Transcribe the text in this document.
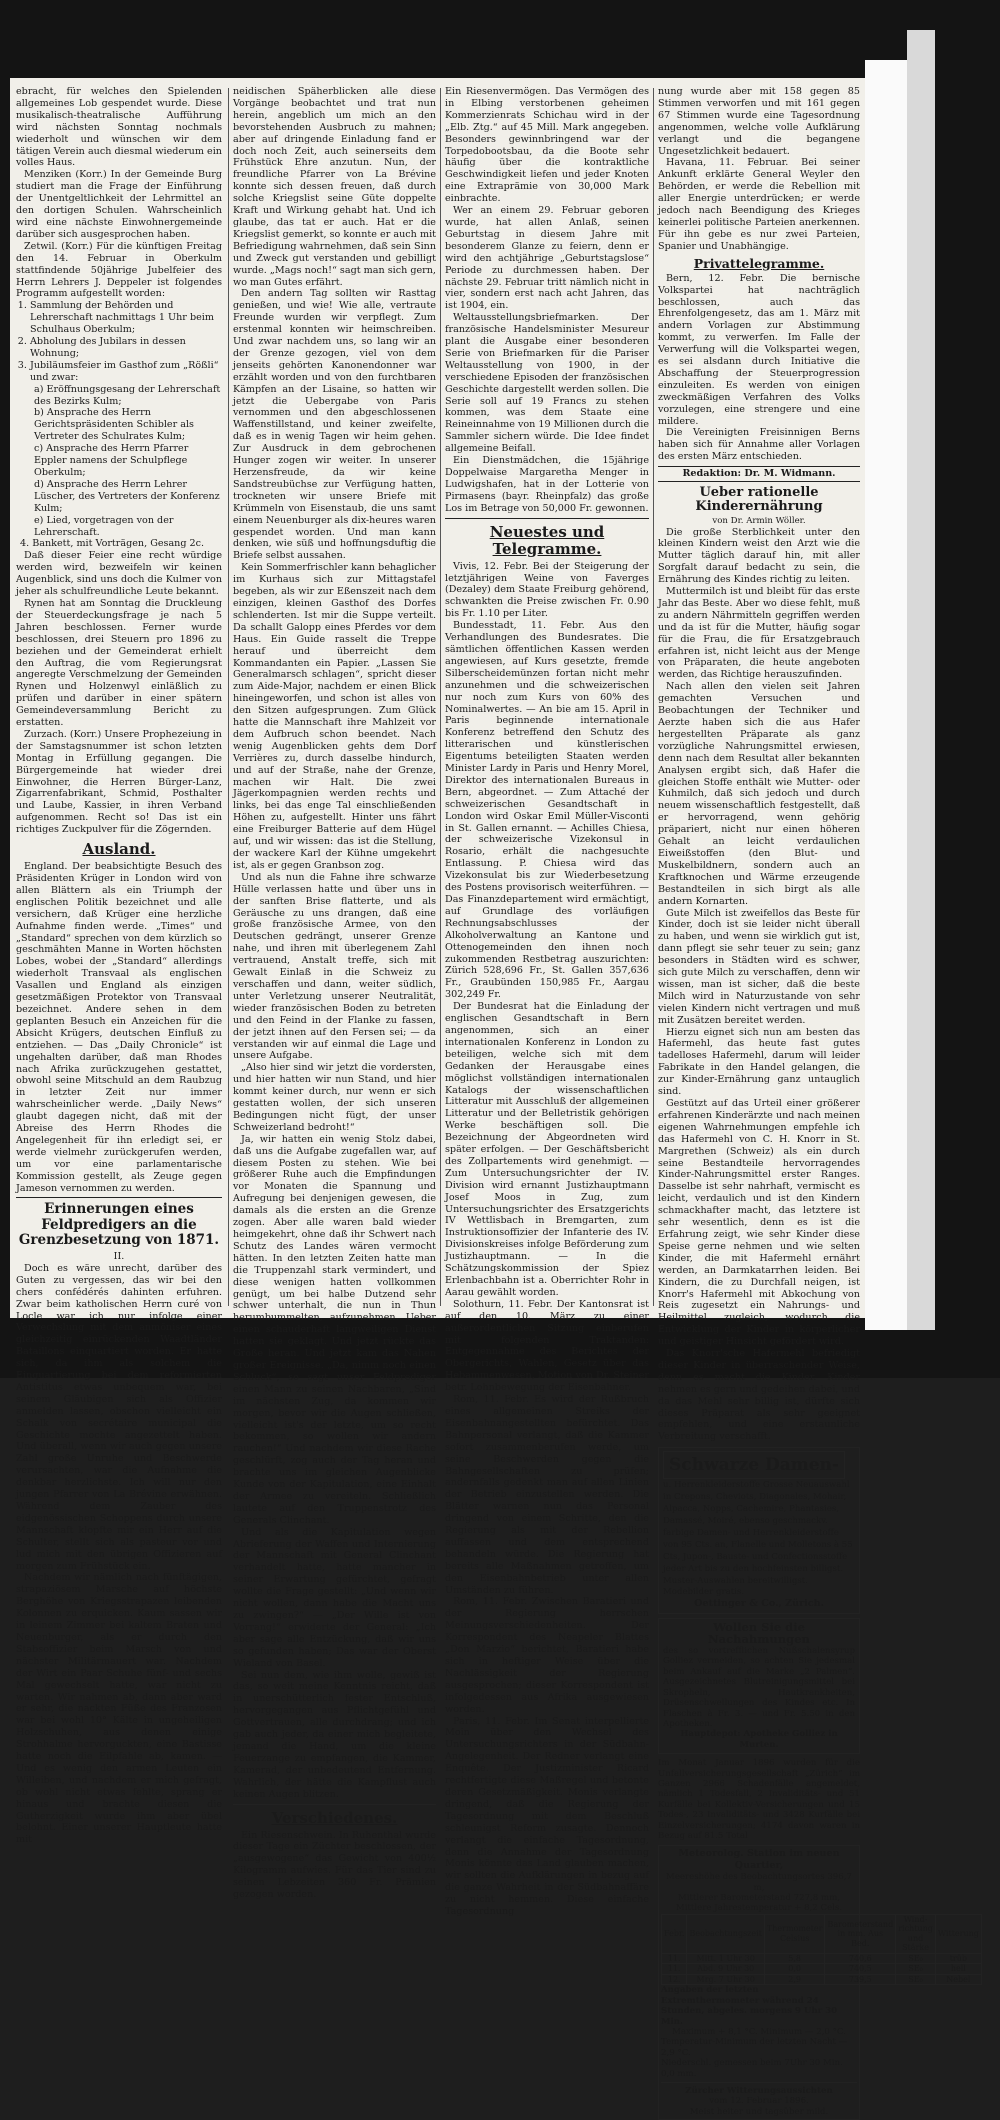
ebracht, für welches den Spielenden allgemeines Lob gespendet wurde. Diese musikalisch-theatralische Aufführung wird nächsten Sonntag nochmals wiederholt und wünschen wir dem tätigen Verein auch diesmal wiederum ein volles Haus.

Menziken (Korr.) In der Gemeinde Burg studiert man die Frage der Einführung der Unentgeltlichkeit der Lehrmittel an den dortigen Schulen. Wahrscheinlich wird eine nächste Einwohnergemeinde darüber sich ausgesprochen haben.

Zetwil. (Korr.) Für die künftigen Freitag den 14. Februar in Oberkulm stattfindende 50jährige Jubelfeier des Herrn Lehrers J. Deppeler ist folgendes Programm aufgestellt worden:

1. Sammlung der Behörden und Lehrerschaft nachmittags 1 Uhr beim Schulhaus Oberkulm;
2. Abholung des Jubilars in dessen Wohnung;
3. Jubiläumsfeier im Gasthof zum „Rößli“ und zwar:
a) Eröffnungsgesang der Lehrerschaft des Bezirks Kulm;
b) Ansprache des Herrn Gerichtspräsidenten Schibler als Vertreter des Schulrates Kulm;
c) Ansprache des Herrn Pfarrer Eppler namens der Schulpflege Oberkulm;
d) Ansprache des Herrn Lehrer Lüscher, des Vertreters der Konferenz Kulm;
e) Lied, vorgetragen von der Lehrerschaft.
4. Bankett, mit Vorträgen, Gesang 2c.

Daß dieser Feier eine recht würdige werden wird, bezweifeln wir keinen Augenblick, sind uns doch die Kulmer von jeher als schulfreundliche Leute bekannt.

Rynen hat am Sonntag die Druckleung der Steuerdeckungsfrage je nach 5 Jahren beschlossen. Ferner wurde beschlossen, drei Steuern pro 1896 zu beziehen und der Gemeinderat erhielt den Auftrag, die vom Regierungsrat angeregte Verschmelzung der Gemeinden Rynen und Holzenwyl einläßlich zu prüfen und darüber in einer spätern Gemeindeversammlung Bericht zu erstatten.

Zurzach. (Korr.) Unsere Prophezeiung in der Samstagsnummer ist schon letzten Montag in Erfüllung gegangen. Die Bürgergemeinde hat wieder drei Einwohner, die Herren Bürger-Lanz, Zigarrenfabrikant, Schmid, Posthalter und Laube, Kassier, in ihren Verband aufgenommen. Recht so! Das ist ein richtiges Zuckpulver für die Zögernden.

Ausland.

England. Der beabsichtigte Besuch des Präsidenten Krüger in London wird von allen Blättern als ein Triumph der englischen Politik bezeichnet und alle versichern, daß Krüger eine herzliche Aufnahme finden werde. „Times“ und „Standard“ sprechen von dem kürzlich so geschmähten Manne in Worten höchsten Lobes, wobei der „Standard“ allerdings wiederholt Transvaal als englischen Vasallen und England als einzigen gesetzmäßigen Protektor von Transvaal bezeichnet. Andere sehen in dem geplanten Besuch ein Anzeichen für die Absicht Krügers, deutschen Einfluß zu entziehen. — Das „Daily Chronicle“ ist ungehalten darüber, daß man Rhodes nach Afrika zurückzugehen gestattet, obwohl seine Mitschuld an dem Raubzug in letzter Zeit nur immer wahrscheinlicher werde. „Daily News“ glaubt dagegen nicht, daß mit der Abreise des Herrn Rhodes die Angelegenheit für ihn erledigt sei, er werde vielmehr zurückgerufen werden, um vor eine parlamentarische Kommission gestellt, als Zeuge gegen Jameson vernommen zu werden.

Erinnerungen eines Feldpredigers an die Grenzbesetzung von 1871.
II.

Doch es wäre unrecht, darüber des Guten zu vergessen, das wir bei den chers confédérés dahinten erfuhren. Zwar beim katholischen Herrn curé von Locle war ich nur infolge einer Verwechslung mit dem anmöniser eines gleichzeitig einrückenden Waadtländer Bataillons einquartiert worden. Er hatte sich, da ihm als solchem die Einquartierung bei dem reformierten Antistitus etwas unbequem war, bei seinem Gläubigen sich als Offizier anmelden lassen, obschon vielleicht ein Schalk von secrétaire municipal die Geschichte mochte angezettelt haben. Und überall, wenn wir auch gegen unsere Zahl große Unruhe und Beschwerde verursachten, war die Aufnahme die denkbar herzlichste. Ich will nur den jungen Pfarrer von La Brévine erwähnen. Während dem Zauber des eidgenössischen Schoppens durch unsere Mannschaft klopfte mir ein Herr auf die Schulter, stellt sich als pasteur vor und lud mich mit den übrigen Offizieren auf morgen zum Frühstück ein.

Nachdem wir nämlich nach fünftägigen, strapaziösem Marsche auf höchste Berghöhe von Kriegsstrapazen leibenden Kolonnen zu erquicken. Kaum sassen wir in leinem Zimmer bei kaltem Braten und Neuenburger, als er durch den Stabsoffizier beim Marsch von und nächster Militärmauert war. Nachdem der Wirt ein Paar Schuhe fünf- und sechs Mal gewechselt hatte, war nicht zu warten. Wir nahmen ab, dann aber ward er sehr, die nackten Füße des Franzosen war bei wohl 10° Kälte in ungeheiligen Holzschuhen, aus denen einige Strohhalme hervorguckten, eine Bastisse hatte noch die Eilpfahle ab, kamen. — Und es wenig den armen Leuten ein Willeiben, und nachdem er mich gefragt, ob wohl nicht etwas fehlte, sprang er hinaus und brachte diesen die Gutherzigkeit wurde ihm aber übel belohnt. Einer unserer Hauptleute hatte mit

neidischen Späherblicken alle diese Vorgänge beobachtet und trat nun herein, angeblich um mich an den bevorstehenden Ausbruch zu mahnen; aber auf dringende Einladung fand er doch noch Zeit, auch seinerseits dem Frühstück Ehre anzutun. Nun, der freundliche Pfarrer von La Brévine konnte sich dessen freuen, daß durch solche Kriegslist seine Güte doppelte Kraft und Wirkung gehabt hat. Und ich glaube, das tat er auch. Hat er die Kriegslist gemerkt, so konnte er auch mit Befriedigung wahrnehmen, daß sein Sinn und Zweck gut verstanden und gebilligt wurde. „Mags noch!“ sagt man sich gern, wo man Gutes erfährt.

Den andern Tag sollten wir Rasttag genießen, und wie! Wie alle, vertraute Freunde wurden wir verpflegt. Zum erstenmal konnten wir heimschreiben. Und zwar nachdem uns, so lang wir an der Grenze gezogen, viel von dem jenseits gehörten Kanonendonner war erzählt worden und von den furchtbaren Kämpfen an der Lisaine, so hatten wir jetzt die Uebergabe von Paris vernommen und den abgeschlossenen Waffenstillstand, und keiner zweifelte, daß es in wenig Tagen wir heim gehen. Zur Ausdruck in dem gebrochenen Hunger zogen wir weiter. In unserer Herzensfreude, da wir keine Sandstreubüchse zur Verfügung hatten, trockneten wir unsere Briefe mit Krümmeln von Eisenstaub, die uns samt einem Neuenburger als dix-heures waren gespendet worden. Und man kann denken, wie süß und hoffnungsduftig die Briefe selbst aussahen.

Kein Sommerfrischler kann behaglicher im Kurhaus sich zur Mittagstafel begeben, als wir zur Eßenszeit nach dem einzigen, kleinen Gasthof des Dorfes schlenderten. Ist mir die Suppe verteilt. Da schallt Galopp eines Pferdes vor dem Haus. Ein Guide rasselt die Treppe herauf und überreicht dem Kommandanten ein Papier. „Lassen Sie Generalmarsch schlagen“, spricht dieser zum Aide-Major, nachdem er einen Blick hineingeworfen, und schon ist alles von den Sitzen aufgesprungen. Zum Glück hatte die Mannschaft ihre Mahlzeit vor dem Aufbruch schon beendet. Nach wenig Augenblicken gehts dem Dorf Verrières zu, durch dasselbe hindurch, und auf der Straße, nahe der Grenze, machen wir Halt. Die zwei Jägerkompagnien werden rechts und links, bei das enge Tal einschließenden Höhen zu, aufgestellt. Hinter uns fährt eine Freiburger Batterie auf dem Hügel auf, und wir wissen: das ist die Stellung, der wackere Karl der Kühne umgekehrt ist, als er gegen Granbson zog.

Und als nun die Fahne ihre schwarze Hülle verlassen hatte und über uns in der sanften Brise flatterte, und als Geräusche zu uns drangen, daß eine große französische Armee, von den Deutschen gedrängt, unserer Grenze nahe, und ihren mit überlegenem Zahl vertrauend, Anstalt treffe, sich mit Gewalt Einlaß in die Schweiz zu verschaffen und dann, weiter südlich, unter Verletzung unserer Neutralität, wieder französischen Boden zu betreten und den Feind in der Flanke zu fassen, der jetzt ihnen auf den Fersen sei; — da verstanden wir auf einmal die Lage und unsere Aufgabe.

„Also hier sind wir jetzt die vordersten, und hier hatten wir nun Stand, und hier kommt keiner durch, nur wenn er sich gestatten wollen, der sich unseren Bedingungen nicht fügt, der unser Schweizerland bedroht!“

Ja, wir hatten ein wenig Stolz dabei, daß uns die Aufgabe zugefallen war, auf diesem Posten zu stehen. Wie bei größerer Ruhe auch die Empfindungen vor Monaten die Spannung und Aufregung bei denjenigen gewesen, die damals als die ersten an die Grenze zogen. Aber alle waren bald wieder heimgekehrt, ohne daß ihr Schwert nach Schutz des Landes wären vermocht hätten. In den letzten Zeiten hatte man die Truppenzahl stark vermindert, und diese wenigen hatten vollkommen genügt, um bei halbe Dutzend sehr schwer unterhalt, die nun in Thun herumbummelten, aufzunehmen. Ueber einen schauderhaft langweiligen Dienst hatten sie geklagt. Und jetzt rückte das Große heran. Und jetzt kam das Nahen großer Ereignisse. „Da, nimm noch einen Schluck“, so sagt unser Feldprediger einen Mann zu seinen Nachbaren, „Sind im nächsten Zug, da kommen wir morgen, bevor wir die Augen schließen, vielleicht ist's der letzte, um so recht bekommen, so wollen wir andern rauchen!“ Und nachdem wir diese Rache geschlürft, zog auch der Tag heran und brachte uns im gleichen Augenblicke Kunde von der Kapitulation, eine Einhalt der Armee zu vereiteln. Schließlich lautete auf den Truppenstrotz des Generals Clinchant.

Und als die Kapitulation wegen Abrieferung der Waffen und Internierung der Mannschaft mit General Clinchant verhandelt hatte, hatte mancher in seiner Erwartung gefürchtet, gefragt wollte die Frage gestellt: „Und wenn wir nicht wollen, dann habe die Macht uns zu zwingen?“ — „Der Wille ist von Vorrang!“ erwiderte der General: „Ich aber sage alle Entzückung, daß wir uns so gefunden haben; Das war der Oberst Wieland von Basel.

Sei nun dem, wie ihm wolle, gewiß ist das, so weit meine Kenntnis reicht, daß in unerschütterlich fester Entschluß, hervorgegangen aus Pflichtgefühl und Gottvertrauen, alle durchdrang; und ich gab auch jeder, da einer mich begleitete, jemand die Hand, um die kleine Feuerzange zu empfangen, die Kammer, Kamerad, der unbedeutend Entfernung. Wahrlich, der hätte die Kampflust auch keinen Augen blitzen.

Verschiedenes.

Ein Riesenschwein. In Ruhenthal wurde dieser Tage ein Züchter beschlossen, der „ausgewogene“ das Gewicht von 400½ Kilogramm aufwies. Für das Tier sind zu seinen Lebzeiten 360 Fr. Prämien gezogen worden.

Ein Riesenvermögen. Das Vermögen des in Elbing verstorbenen geheimen Kommerzienrats Schichau wird in der „Elb. Ztg.“ auf 45 Mill. Mark angegeben. Besonders gewinnbringend war der Torpedobootsbau, da die Boote sehr häufig über die kontraktliche Geschwindigkeit liefen und jeder Knoten eine Extraprämie von 30,000 Mark einbrachte.

Wer an einem 29. Februar geboren wurde, hat allen Anlaß, seinen Geburtstag in diesem Jahre mit besonderem Glanze zu feiern, denn er wird den achtjährige „Geburtstagslose“ Periode zu durchmessen haben. Der nächste 29. Februar tritt nämlich nicht in vier, sondern erst nach acht Jahren, das ist 1904, ein.

Weltausstellungsbriefmarken. Der französische Handelsminister Mesureur plant die Ausgabe einer besonderen Serie von Briefmarken für die Pariser Weltausstellung von 1900, in der verschiedene Episoden der französischen Geschichte dargestellt werden sollen. Die Serie soll auf 19 Francs zu stehen kommen, was dem Staate eine Reineinnahme von 19 Millionen durch die Sammler sichern würde. Die Idee findet allgemeine Beifall.

Ein Dienstmädchen, die 15jährige Doppelwaise Margaretha Menger in Ludwigshafen, hat in der Lotterie von Pirmasens (bayr. Rheinpfalz) das große Los im Betrage von 50,000 Fr. gewonnen.

Neuestes und Telegramme.

Vivis, 12. Febr. Bei der Steigerung der letztjährigen Weine von Faverges (Dezaley) dem Staate Freiburg gehörend, schwankten die Preise zwischen Fr. 0.90 bis Fr. 1.10 per Liter.

Bundesstadt, 11. Febr. Aus den Verhandlungen des Bundesrates. Die sämtlichen öffentlichen Kassen werden angewiesen, auf Kurs gesetzte, fremde Silberscheidemünzen fortan nicht mehr anzunehmen und die schweizerischen nur noch zum Kurs von 60% des Nominalwertes. — An bie am 15. April in Paris beginnende internationale Konferenz betreffend den Schutz des litterarischen und künstlerischen Eigentums beteiligten Staaten werden Minister Lardy in Paris und Henry Morel, Direktor des internationalen Bureaus in Bern, abgeordnet. — Zum Attaché der schweizerischen Gesandtschaft in London wird Oskar Emil Müller-Visconti in St. Gallen ernannt. — Achilles Chiesa, der schweizerische Vizekonsul in Rosario, erhält die nachgesuchte Entlassung. P. Chiesa wird das Vizekonsulat bis zur Wiederbesetzung des Postens provisorisch weiterführen. — Das Finanzdepartement wird ermächtigt, auf Grundlage des vorläufigen Rechnungsabschlusses der Alkoholverwaltung an Kantone und Ottenogemeinden den ihnen noch zukommenden Restbetrag auszurichten: Zürich 528,696 Fr., St. Gallen 357,636 Fr., Graubünden 150,985 Fr., Aargau 302,249 Fr.

Der Bundesrat hat die Einladung der englischen Gesandtschaft in Bern angenommen, sich an einer internationalen Konferenz in London zu beteiligen, welche sich mit dem Gedanken der Herausgabe eines möglichst vollständigen internationalen Katalogs der wissenschaftlichen Litteratur mit Ausschluß der allgemeinen Litteratur und der Belletristik gehörigen Werke beschäftigen soll. Die Bezeichnung der Abgeordneten wird später erfolgen. — Der Geschäftsbericht des Zollpartements wird genehmigt. — Zum Untersuchungsrichter der IV. Division wird ernannt Justizhauptmann Josef Moos in Zug, zum Untersuchungsrichter des Ersatzgerichts IV Wettlisbach in Bremgarten, zum Instruktionsoffizier der Infanterie des IV. Divisionskreises infolge Beförderung zum Justizhauptmann. — In die Schätzungskommission der Spiez Erlenbachbahn ist a. Oberrichter Rohr in Aarau gewählt worden.

Solothurn, 11. Febr. Der Kantonsrat ist auf den 10. März zu einer außerordentlichen Sitzung einberufen mit folgenden Traktanden: Entgegennahme des Berichtes der Obergerichts, Wahlen, Gesetz über das Hebammenwesen, Motion von Dr. Steiner betr. Lohnbewegung der Eisenbahner.

Rom, 11. Febr. Es wird der Rußbruch eines allgemeinen Streiks der Eisenbahnangestellten befürchtet. Das Bahnpersonal verlangt, daß die Kammer sofort zusammenberufen werde, um seine Beschwerden gegen die Bahngesellschaften zu prüfen; andernfalls gedenkt man auf allen Linien der Betrieb einzustellen werden. Die Blätter warnen nun das Personal dringend von einem Schritte, den die Regierung als mit der Rebellion auffassen und dem entsprechend behandeln würde. Die Regierung hat bereits alle Maßnahmen getroffen, um den Eisenbahnbetrieb unter allen Umständen zu führen.

Rom, 11. Febr. Zwischen Baratieri und der Regierung herrschen Meinungsverschiedenheiten. Der Korrespondent des Neapeler Blattes „Don Marzio“ berichtet, Baratieri habe sich in heftiger Weise über die Nachlässigkeit der Regierung ausgesprochen; dieser Korrespondent ist infolgedessen aus Afrika ausgewiesen worden.

Paris, 11. Febr. Im Senat interpellierte Moin über den Wechsel des Untersuchungsrichters in der Südbahn-Angelegenheit. Der Redner verlangt eine Enquête. Der Justizminister Ricard rechtfertigte diese Maßregel und betonte deren Gesetzmäßigkeit. Monis verlangte dringend, daß die Regierung der Tagesordnung mit dem Beschluß schleunigst Reform zusagte. Dennoch verlangt die einfache Tagesordnung, denn die Annahme der Tagesordnung Monis könnte das Land glauben machen, wir sollten die Aufklärungen in bezug auf die ganze Wahrheit in der Südbahnaffäre zu nicht hemmen. Diese einfache Tagesordnung

nung wurde aber mit 158 gegen 85 Stimmen verworfen und mit 161 gegen 67 Stimmen wurde eine Tagesordnung angenommen, welche volle Aufklärung verlangt und die begangene Ungesetzlichkeit bedauert.

Havana, 11. Februar. Bei seiner Ankunft erklärte General Weyler den Behörden, er werde die Rebellion mit aller Energie unterdrücken; er werde jedoch nach Beendigung des Krieges keinerlei politische Parteien anerkennen. Für ihn gebe es nur zwei Parteien, Spanier und Unabhängige.

Privattelegramme.

Bern, 12. Febr. Die bernische Volkspartei hat nachträglich beschlossen, auch das Ehrenfolgengesetz, das am 1. März mit andern Vorlagen zur Abstimmung kommt, zu verwerfen. Im Falle der Verwerfung will die Volkspartei wegen, es sei alsdann durch Initiative die Abschaffung der Steuerprogression einzuleiten. Es werden von einigen zweckmäßigen Verfahren des Volks vorzulegen, eine strengere und eine mildere.

Die Vereinigten Freisinnigen Berns haben sich für Annahme aller Vorlagen des ersten März entschieden.

Redaktion: Dr. M. Widmann.
Ueber rationelle Kinderernährung
von Dr. Armin Wöller.

Die große Sterblichkeit unter den kleinen Kindern weist den Arzt wie die Mutter täglich darauf hin, mit aller Sorgfalt darauf bedacht zu sein, die Ernährung des Kindes richtig zu leiten.

Muttermilch ist und bleibt für das erste Jahr das Beste. Aber wo diese fehlt, muß zu andern Nährmitteln gegriffen werden und da ist für die Mutter, häufig sogar für die Frau, die für Ersatzgebrauch erfahren ist, nicht leicht aus der Menge von Präparaten, die heute angeboten werden, das Richtige herauszufinden.

Nach allen den vielen seit Jahren gemachten Versuchen und Beobachtungen der Techniker und Aerzte haben sich die aus Hafer hergestellten Präparate als ganz vorzügliche Nahrungsmittel erwiesen, denn nach dem Resultat aller bekannten Analysen ergibt sich, daß Hafer die gleichen Stoffe enthält wie Mutter- oder Kuhmilch, daß sich jedoch und durch neuem wissenschaftlich festgestellt, daß er hervorragend, wenn gehörig präpariert, nicht nur einen höheren Gehalt an leicht verdaulichen Eiweißstoffen (den Blut- und Muskelbildnern, sondern auch an Kraftknochen und Wärme erzeugende Bestandteilen in sich birgt als alle andern Kornarten.

Gute Milch ist zweifellos das Beste für Kinder, doch ist sie leider nicht überall zu haben, und wenn sie wirklich gut ist, dann pflegt sie sehr teuer zu sein; ganz besonders in Städten wird es schwer, sich gute Milch zu verschaffen, denn wir wissen, man ist sicher, daß die beste Milch wird in Naturzustande von sehr vielen Kindern nicht vertragen und muß mit Zusätzen bereitet werden.

Hierzu eignet sich nun am besten das Hafermehl, das heute fast gutes tadelloses Hafermehl, darum will leider Fabrikate in den Handel gelangen, die zur Kinder-Ernährung ganz untauglich sind.

Gestützt auf das Urteil einer größerer erfahrenen Kinderärzte und nach meinen eigenen Wahrnehmungen empfehle ich das Hafermehl von C. H. Knorr in St. Margrethen (Schweiz) als ein durch seine Bestandteile hervorragendes Kinder-Nahrungsmittel erster Ranges. Dasselbe ist sehr nahrhaft, vermischt es leicht, verdaulich und ist den Kindern schmackhafter macht, das letztere ist sehr wesentlich, denn es ist die Erfahrung zeigt, wie sehr Kinder diese Speise gerne nehmen und wie selten Kinder, die mit Hafermehl ernährt werden, an Darmkatarrhen leiden. Bei Kindern, die zu Durchfall neigen, ist Knorr's Hafermehl mit Abkochung von Reis zugesetzt ein Nahrungs- und Heilmittel zugleich, wodurch die Entwicklung der Kinder in körperlicher und geistiger Hinsicht gefördert wird.

Das Knorr'sche Hafermehl befriedigt dieser Kinder in überraschender Weise, denn es macht die Kinder. Kinder nehmen es gern und gedeihen dabei, und da das Mehl sehr billig ist, dürfte sich dieses Präparat als sehr geeignet empfehlen, und eine erstaunliche Verbreitung verschafft.

Schwarze Damen-
u. Herrenkleiderstoffe Grosse Neuauswahl in Crepons, Cheviots, Diagonales, Mohair, Alpacca, Nopps, Cachemire, Phantasies, Damassé, Moiré, ebenso geschmackv. farbige Damen- und Herrenkleiderstoffe von 95 Cts. an, Flanelle und Molletons à 55 Cts, Jupon-, Bauste- und Confectionsstoffe jeder Art bis zu den hochfeinsten billigst. Muster-Auswahlen bereitwilligst. Modebilder gratis.
Oettinger & Co., Zürich.
Wollen Sie die Nachahmungen
des so vortrefflichen Nußschalensyrup Golliez vermeiden, so achten Sie jedesmal beim Ankauf auf die Marke „2 Palmen“. Ausgezeichnetes Blutreinigungsmittel bei Skropheln, Hautkrankheiten, Drüsenschwellungen des Kindes etc. In Flaschen à Fr. 3. — und Fr. 5.50 in den Apotheken.
Hauptdepot: Apotheke Golliez in Murten.
Im Monat Januar 1896 wurden für die Unfallversicherungsgesellschaft „Zürich“ im Ganzen 2966 Schadenfälle angemeldet, nämlich 1 Todesfall, 2 Invaliditäts- und 51 Kurfälle bei Kollektiv-Versicherungen und 15 Todes-, 23 Invaliditäts- und 3428 Kurfälle bei Einzelversicherungen; 4174 davon waren in Bezug auf 81.5 Total
Meteorolog. Station im neuen Quartier,
Meereshöhe des Beobachtungsortes 396,7 m,
Mittlerer Barometerstand 727,8 mm,
Mittlere Jahrestemperatur + 8,2 Cels.
Febr.	Beobachtungszeit	Thermometer Celsius	Barometerstand in mm. Aus Bed.	Wind-richtung und Stärke	Witterung
11.	Mitt. 1 Uhr 30	5,8	740,6	SE₀	trüb
11.	Abd. 9 Uhr 30	0,0	740,5	SE₀	hell
12.	Mrg. 7 Uhr 30	2,9	739,5	SE₀	Nebel
Angaben der letzten Extremthermometer während 24 Stunden, abgeles. morgens 9 Uhr 30 Min.
Maximum + 8,1 °C. Minimum — 2,0 °C.
Temperatur-Minimum der letzten Nacht — 2,9 °C.
Niederschl. gemessen beim 7Uhr 30 Min. 0,0 mm.
Zürcher Witterungsaussichten
vom 12. Februar 1896.
Meist heiter und tagsüber mild.
